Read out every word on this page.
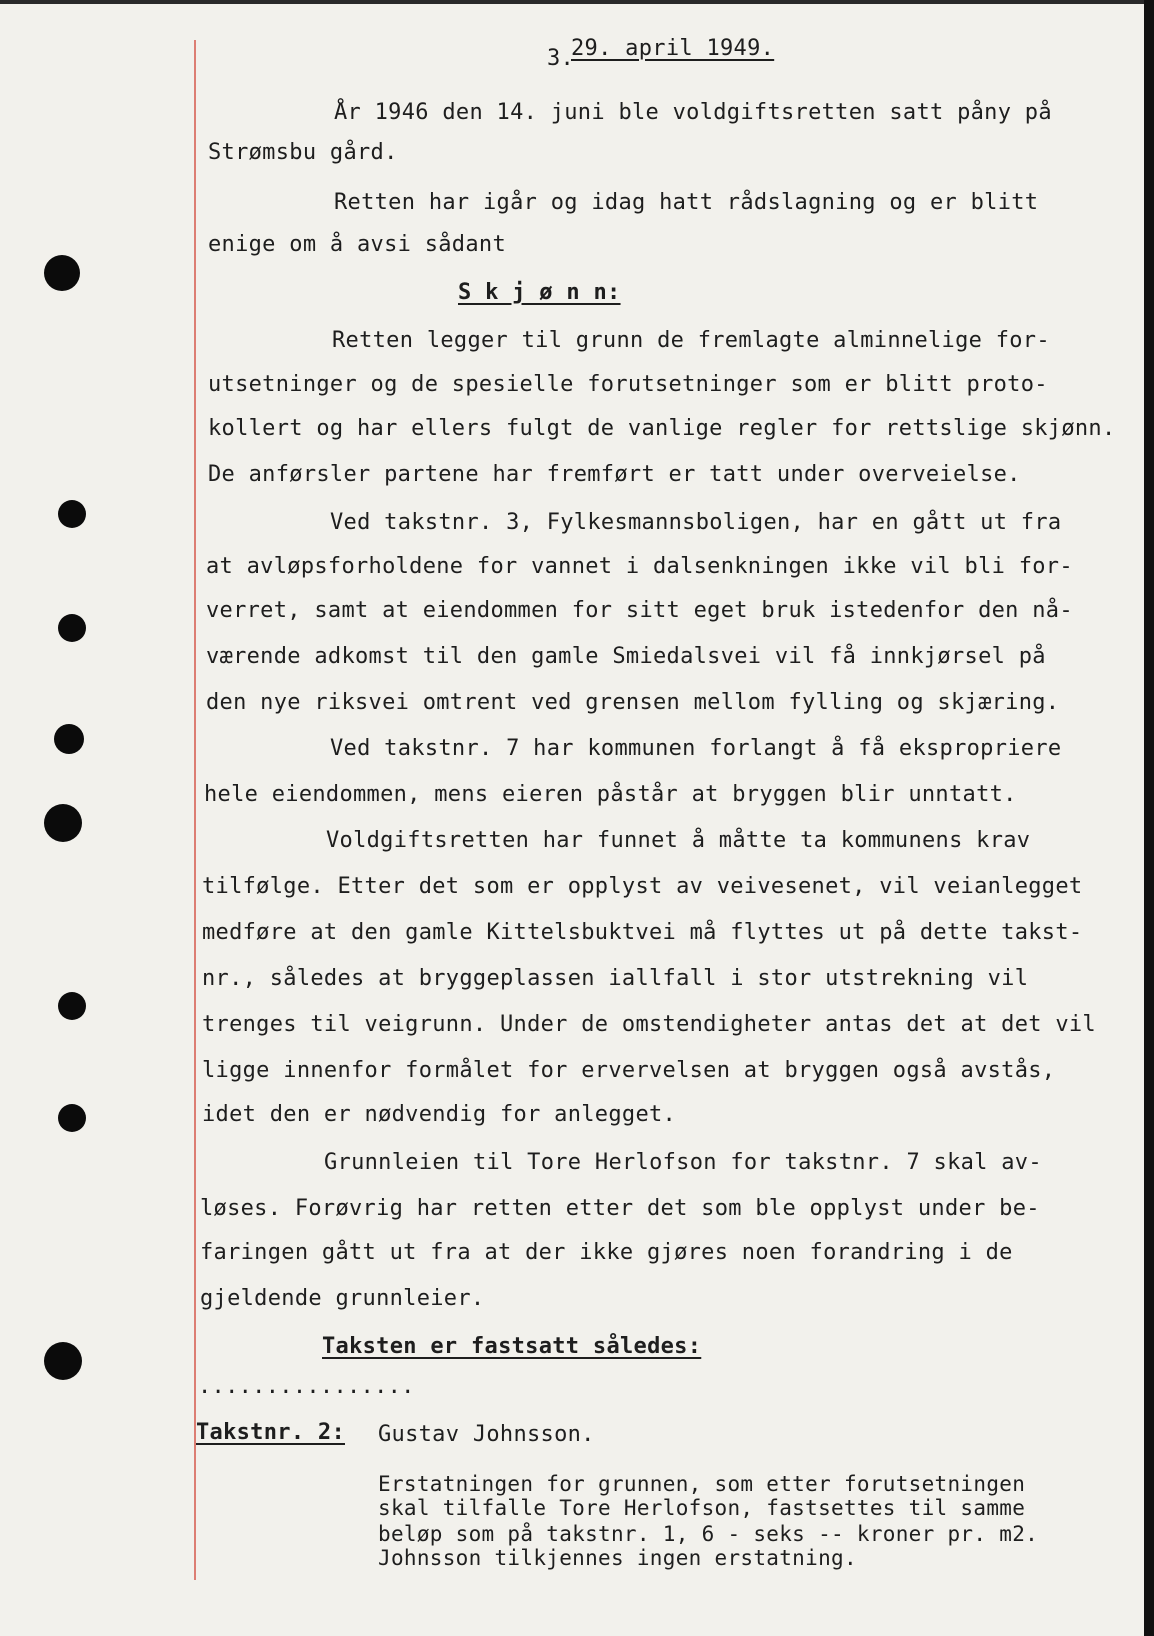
3.
29. april 1949.
År 1946 den 14. juni ble voldgiftsretten satt påny på
Strømsbu gård.
Retten har igår og idag hatt rådslagning og er blitt
enige om å avsi sådant
S k j ø n n:
Retten legger til grunn de fremlagte alminnelige for-
utsetninger og de spesielle forutsetninger som er blitt proto-
kollert og har ellers fulgt de vanlige regler for rettslige skjønn.
De anførsler partene har fremført er tatt under overveielse.
Ved takstnr. 3, Fylkesmannsboligen, har en gått ut fra
at avløpsforholdene for vannet i dalsenkningen ikke vil bli for-
verret, samt at eiendommen for sitt eget bruk istedenfor den nå-
værende adkomst til den gamle Smiedalsvei vil få innkjørsel på
den nye riksvei omtrent ved grensen mellom fylling og skjæring.
Ved takstnr. 7 har kommunen forlangt å få ekspropriere
hele eiendommen, mens eieren påstår at bryggen blir unntatt.
Voldgiftsretten har funnet å måtte ta kommunens krav
tilfølge. Etter det som er opplyst av veivesenet, vil veianlegget
medføre at den gamle Kittelsbuktvei må flyttes ut på dette takst-
nr., således at bryggeplassen iallfall i stor utstrekning vil
trenges til veigrunn. Under de omstendigheter antas det at det vil
ligge innenfor formålet for ervervelsen at bryggen også avstås,
idet den er nødvendig for anlegget.
Grunnleien til Tore Herlofson for takstnr. 7 skal av-
løses. Forøvrig har retten etter det som ble opplyst under be-
faringen gått ut fra at der ikke gjøres noen forandring i de
gjeldende grunnleier.
Taksten er fastsatt således:
................
Takstnr. 2: Gustav Johnsson.
Erstatningen for grunnen, som etter forutsetningen
skal tilfalle Tore Herlofson, fastsettes til samme
beløp som på takstnr. 1, 6 - seks -- kroner pr. m2.
Johnsson tilkjennes ingen erstatning.
